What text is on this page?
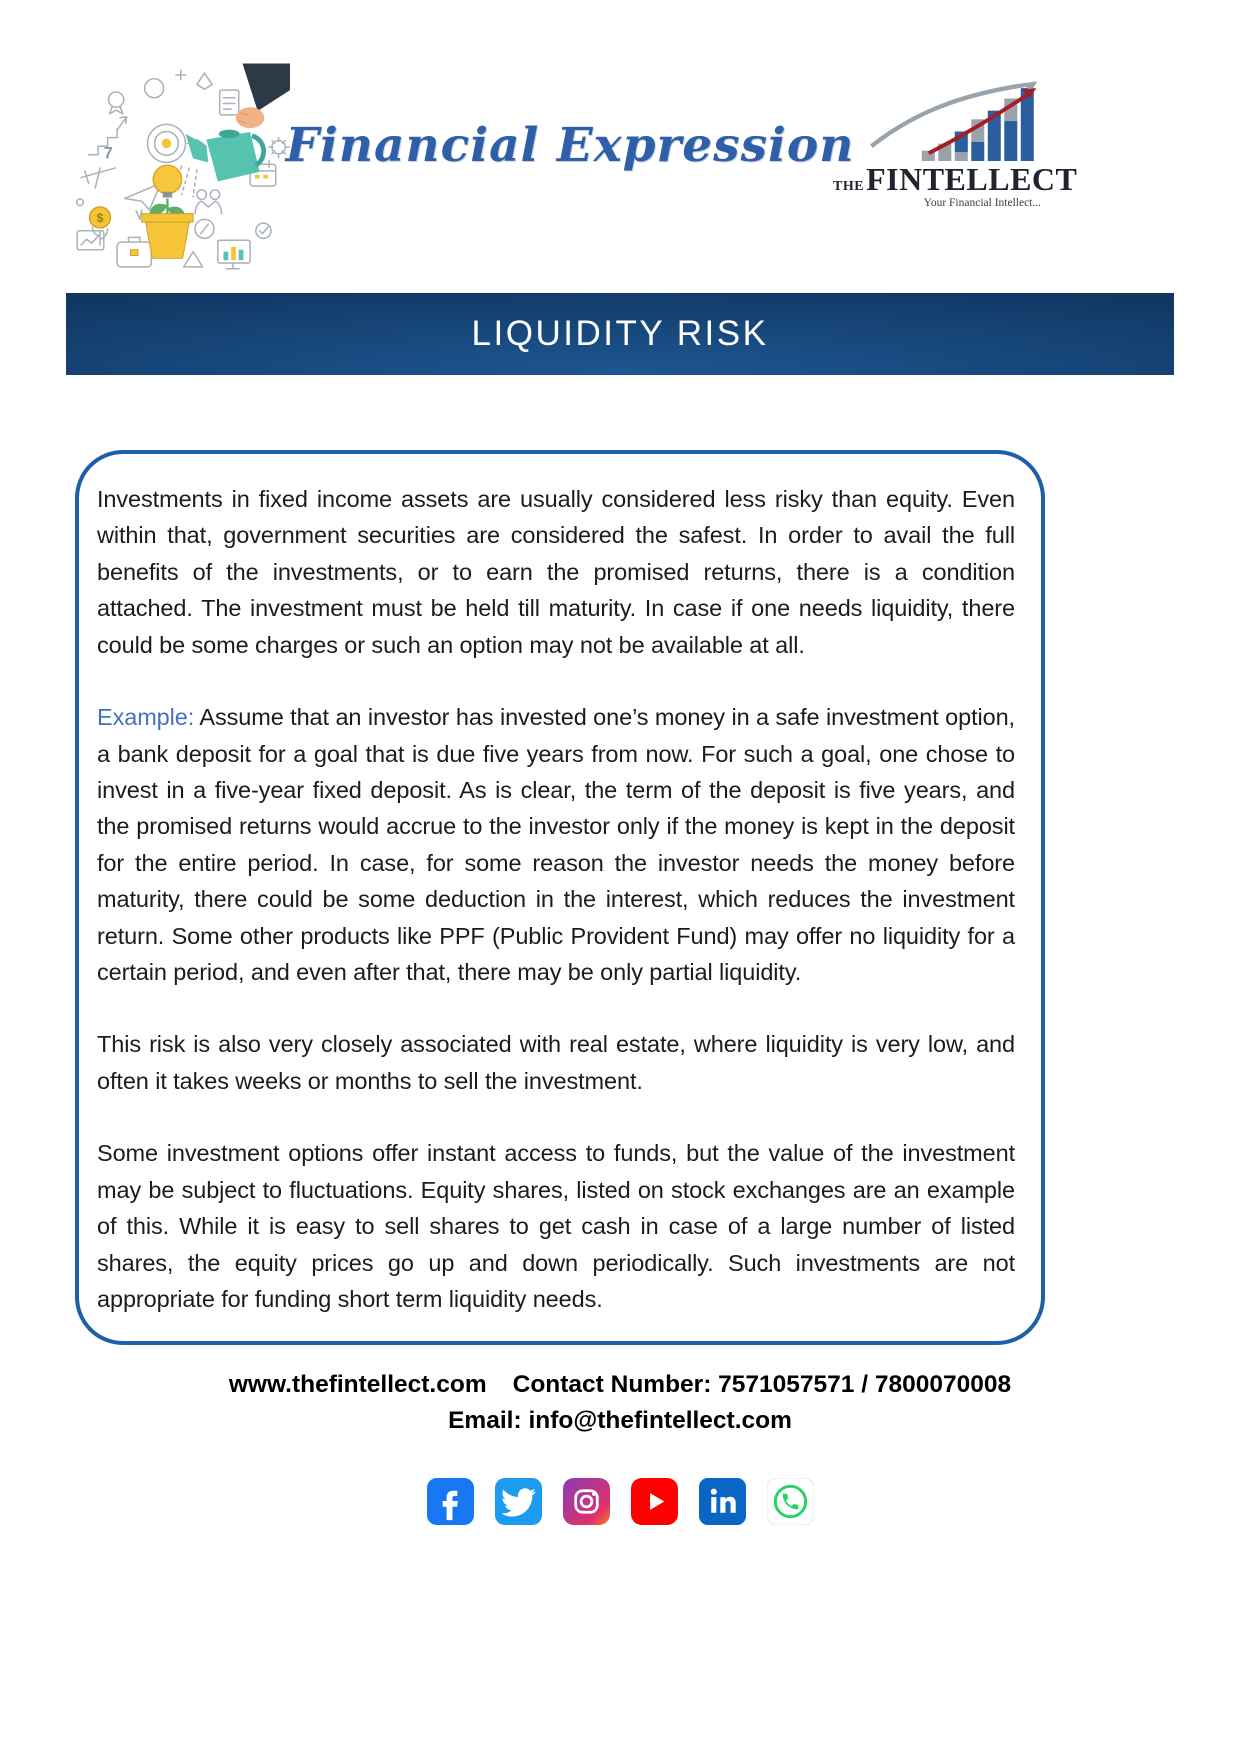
$
7	Financial Expression
THE FINTELLECT
Your Financial Intellect...
LIQUIDITY RISK

Investments in fixed income assets are usually considered less risky than equity. Even within that, government securities are considered the safest. In order to avail the full benefits of the investments, or to earn the promised returns, there is a condition attached. The investment must be held till maturity. In case if one needs liquidity, there could be some charges or such an option may not be available at all.

Example: Assume that an investor has invested one’s money in a safe investment option, a bank deposit for a goal that is due five years from now. For such a goal, one chose to invest in a five-year fixed deposit. As is clear, the term of the deposit is five years, and the promised returns would accrue to the investor only if the money is kept in the deposit for the entire period. In case, for some reason the investor needs the money before maturity, there could be some deduction in the interest, which reduces the investment return. Some other products like PPF (Public Provident Fund) may offer no liquidity for a certain period, and even after that, there may be only partial liquidity.

This risk is also very closely associated with real estate, where liquidity is very low, and often it takes weeks or months to sell the investment.

Some investment options offer instant access to funds, but the value of the investment may be subject to fluctuations. Equity shares, listed on stock exchanges are an example of this. While it is easy to sell shares to get cash in case of a large number of listed shares, the equity prices go up and down periodically. Such investments are not appropriate for funding short term liquidity needs.

www.thefintellect.com Contact Number: 7571057571 / 7800070008
Email: info@thefintellect.com
